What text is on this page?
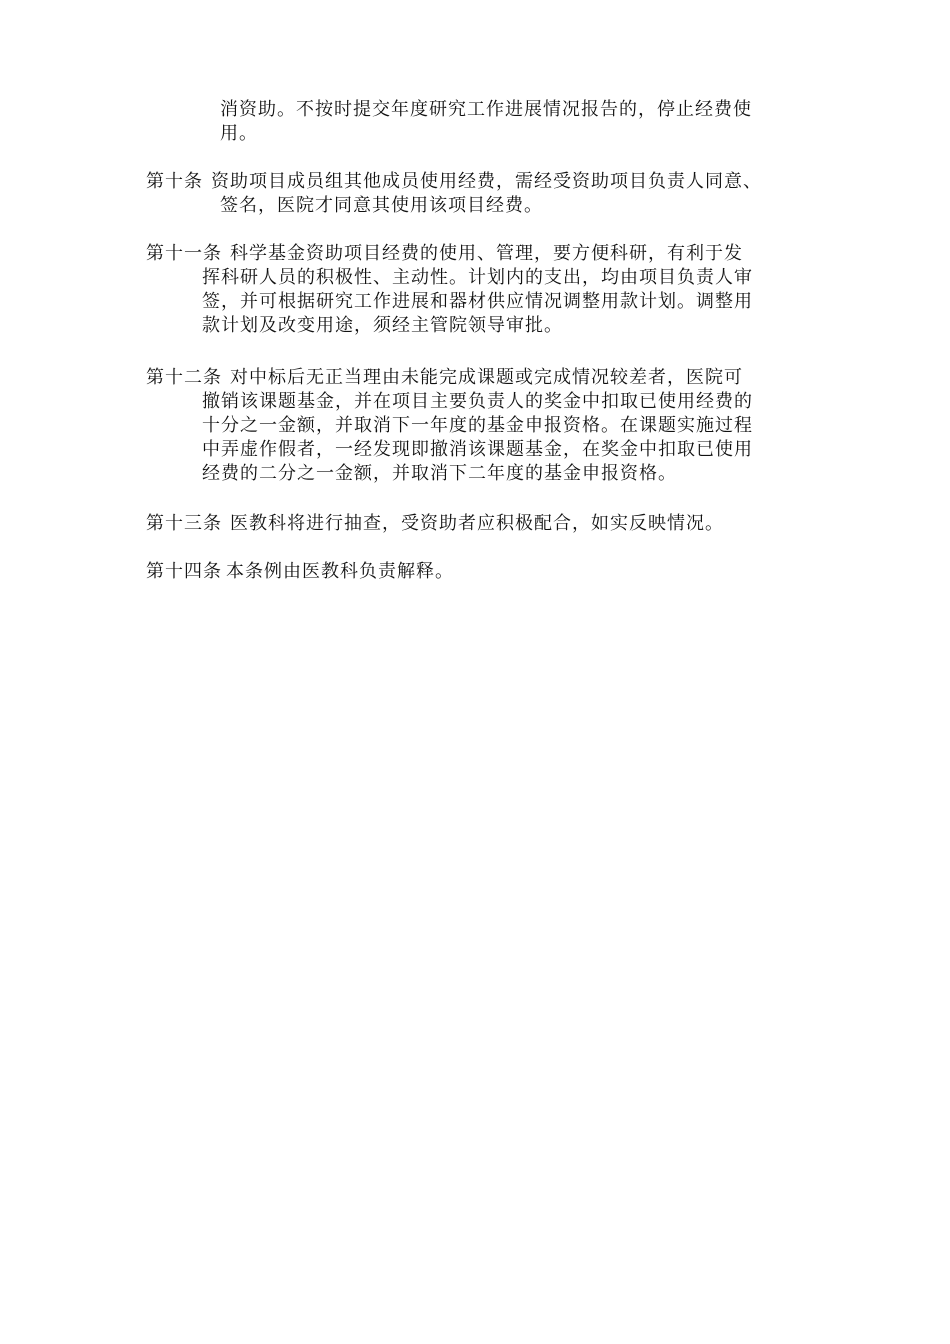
消资助。不按时提交年度研究工作进展情况报告的，停止经费使
用。
第十条 资助项目成员组其他成员使用经费，需经受资助项目负责人同意、
签名，医院才同意其使用该项目经费。
第十一条 科学基金资助项目经费的使用、管理，要方便科研，有利于发
挥科研人员的积极性、主动性。计划内的支出，均由项目负责人审
签，并可根据研究工作进展和器材供应情况调整用款计划。调整用
款计划及改变用途，须经主管院领导审批。
第十二条 对中标后无正当理由未能完成课题或完成情况较差者，医院可
撤销该课题基金，并在项目主要负责人的奖金中扣取已使用经费的
十分之一金额，并取消下一年度的基金申报资格。在课题实施过程
中弄虚作假者，一经发现即撤消该课题基金，在奖金中扣取已使用
经费的二分之一金额，并取消下二年度的基金申报资格。
第十三条 医教科将进行抽查，受资助者应积极配合，如实反映情况。
第十四条 本条例由医教科负责解释。
